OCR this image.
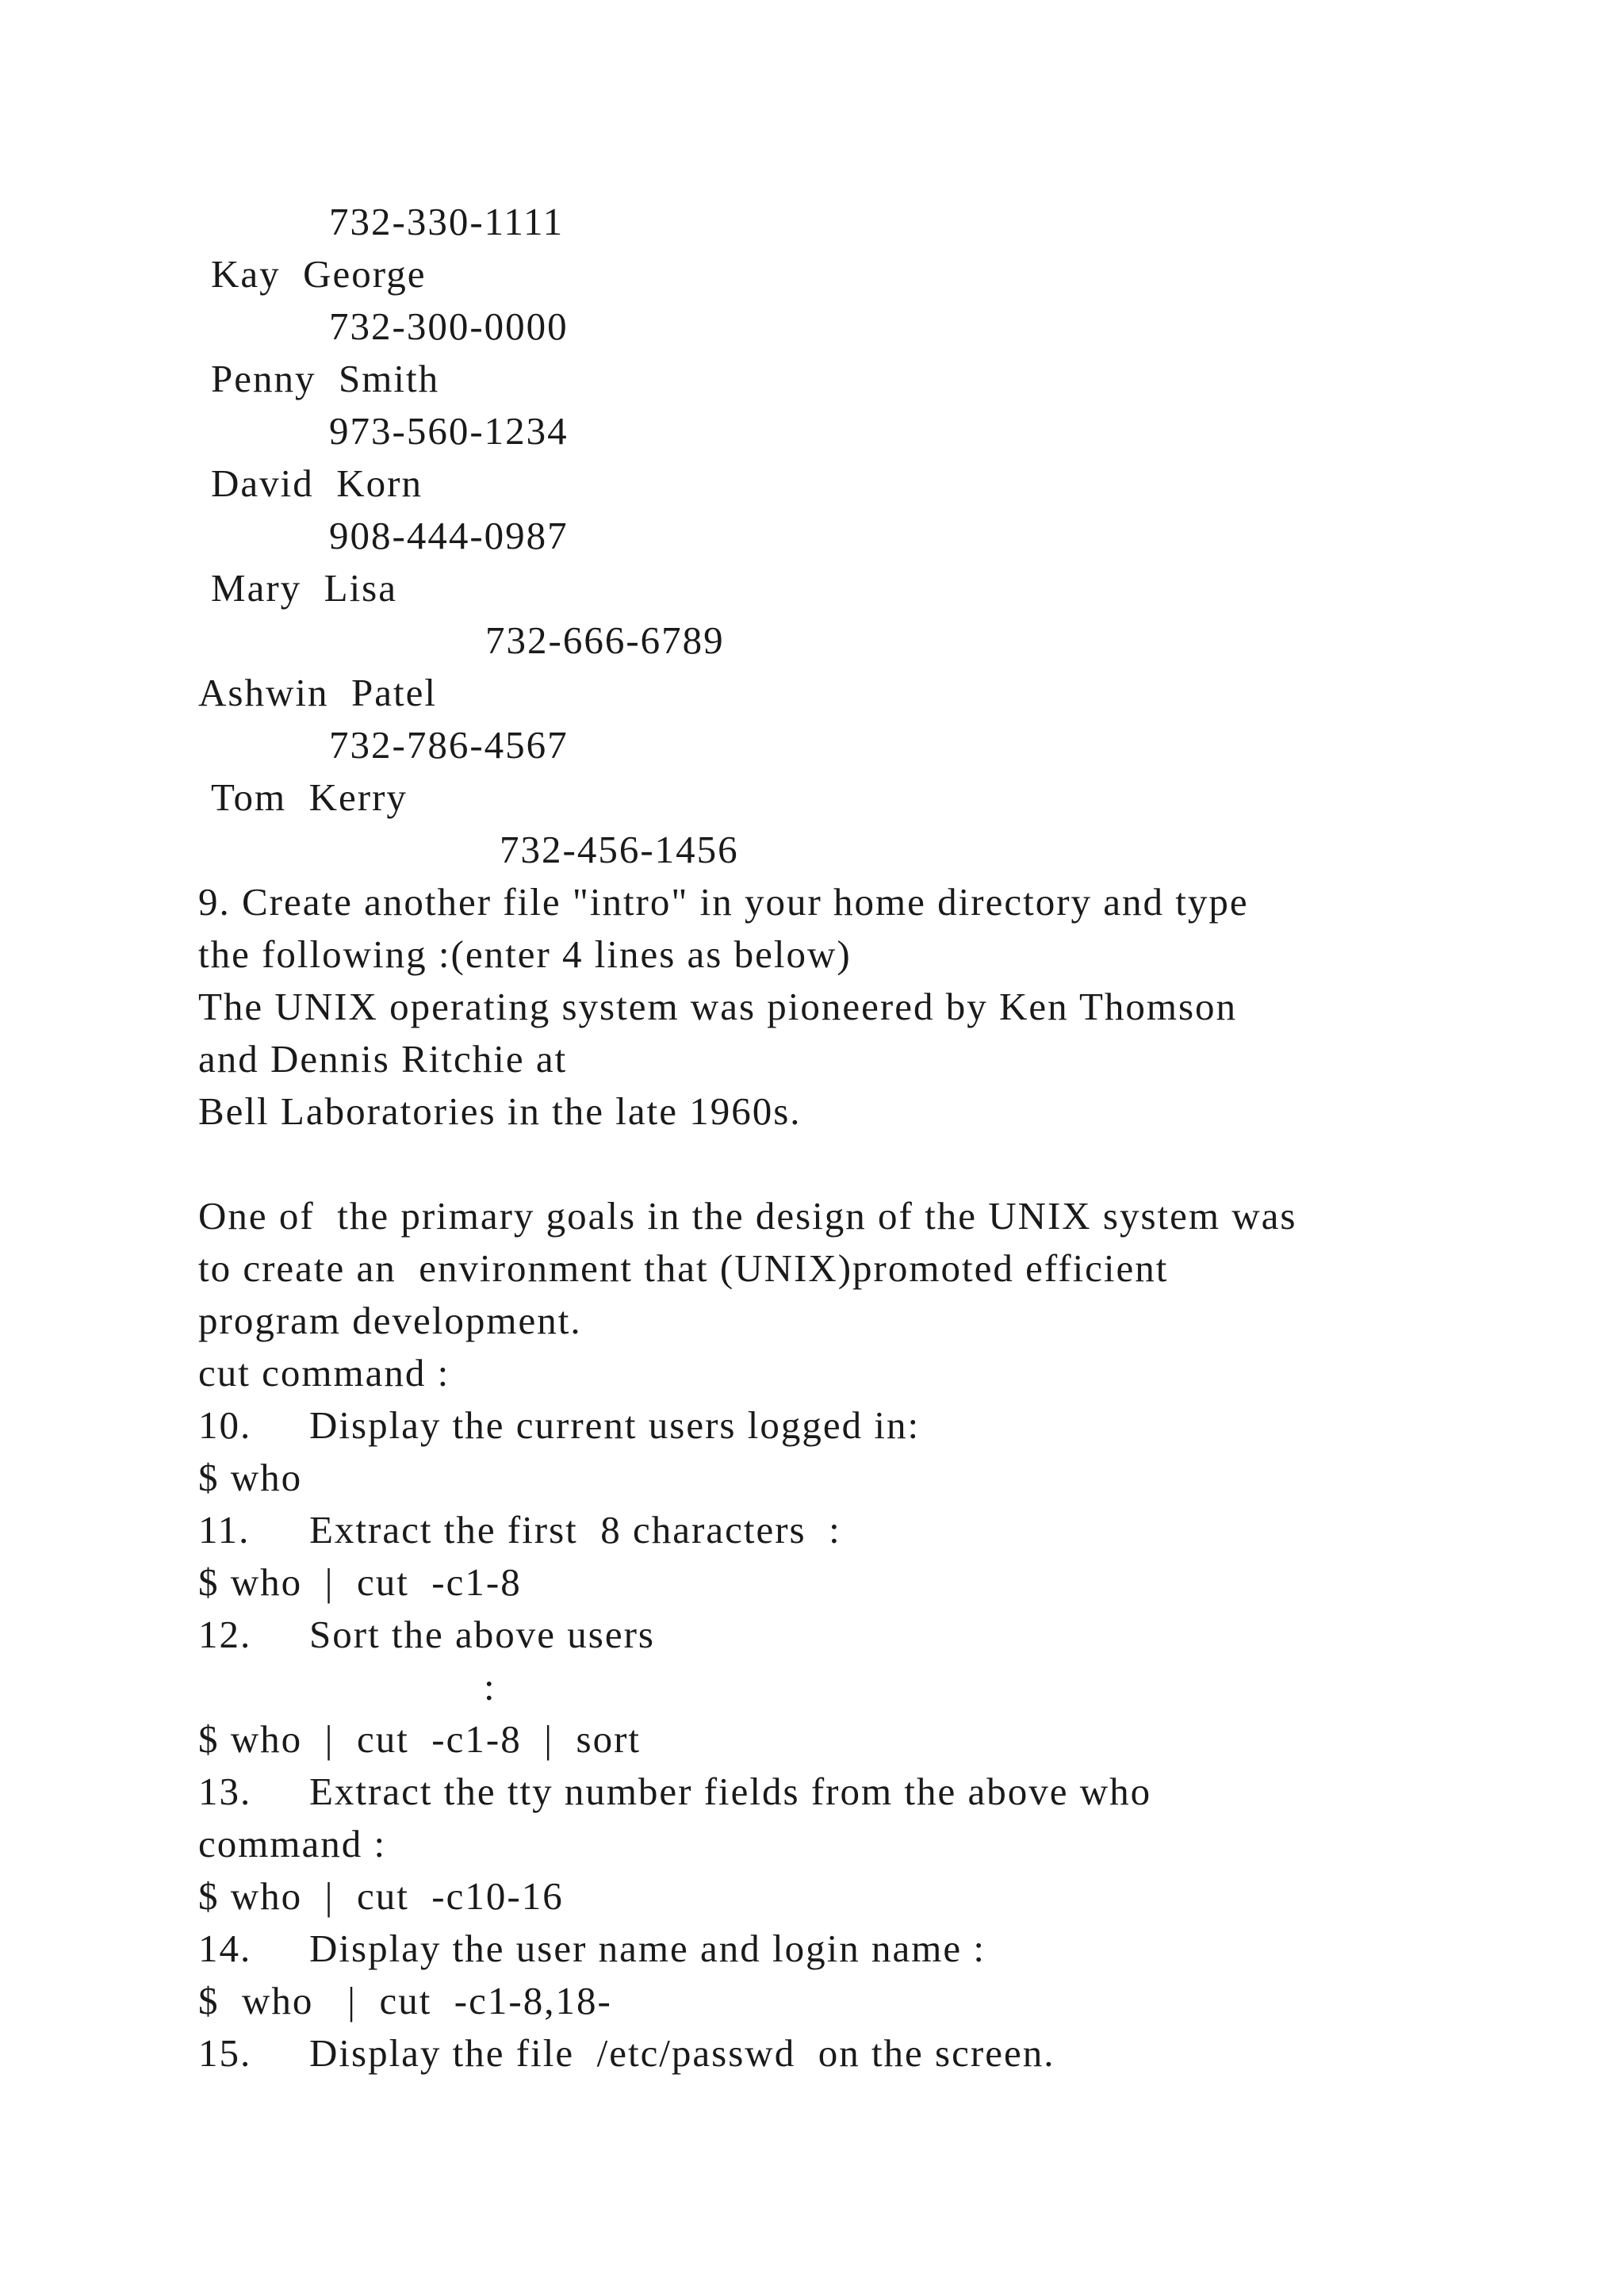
732-330-1111
Kay  George
732-300-0000
Penny  Smith
973-560-1234
David  Korn
908-444-0987
Mary  Lisa
732-666-6789
Ashwin  Patel
732-786-4567
Tom  Kerry
732-456-1456
9. Create another file "intro" in your home directory and type
the following :(enter 4 lines as below)
The UNIX operating system was pioneered by Ken Thomson
and Dennis Ritchie at
Bell Laboratories in the late 1960s.
One of  the primary goals in the design of the UNIX system was
to create an  environment that (UNIX)promoted efficient
program development.
cut command :
10. Display the current users logged in:
$ who
11. Extract the first  8 characters  :
$ who  |  cut  -c1-8
12. Sort the above users
:
$ who  |  cut  -c1-8  |  sort
13. Extract the tty number fields from the above who
command :
$ who  |  cut  -c10-16
14. Display the user name and login name :
$  who   |  cut  -c1-8,18-
15. Display the file  /etc/passwd  on the screen.
